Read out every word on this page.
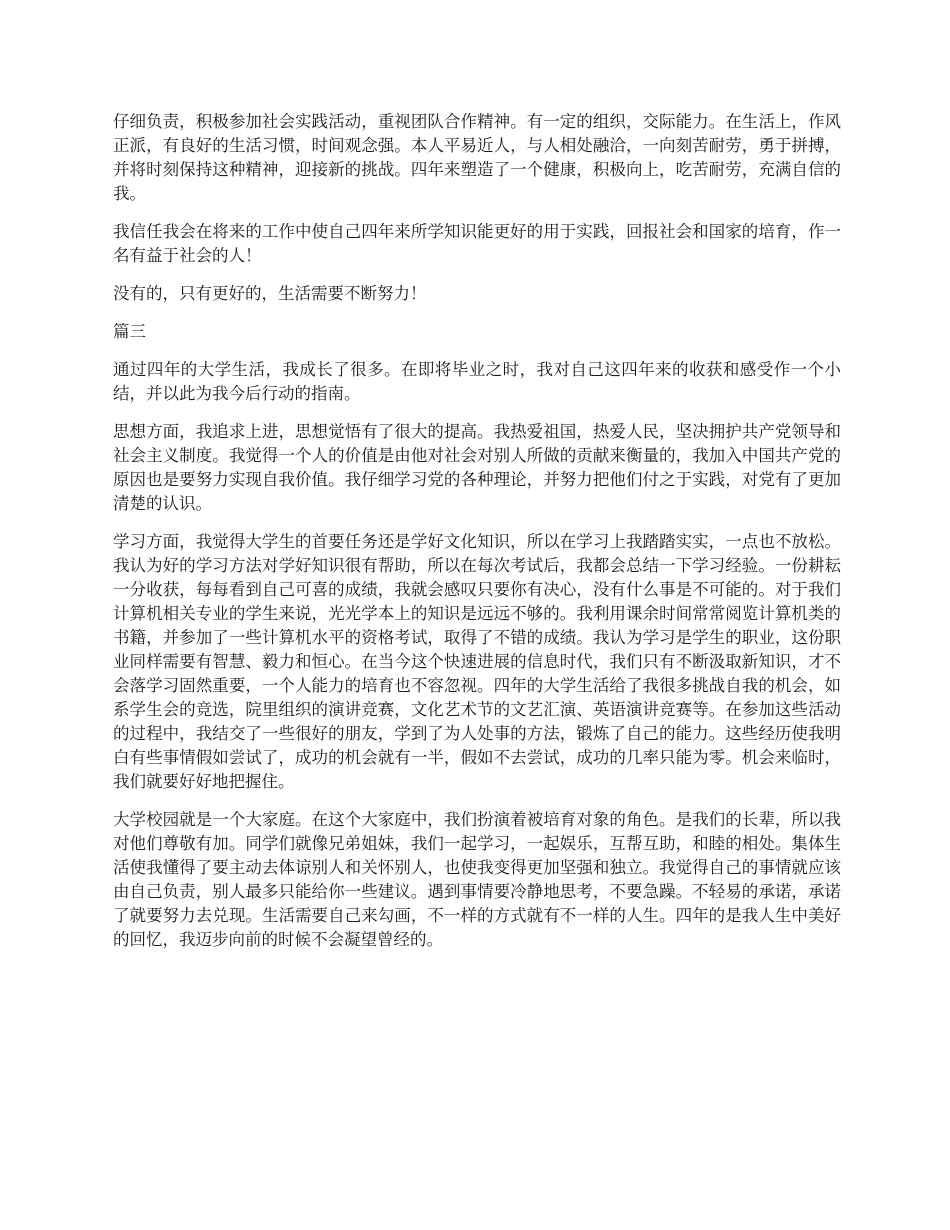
仔细负责，积极参加社会实践活动，重视团队合作精神。有一定的组织，交际能力。在生活上，作风正派，有良好的生活习惯，时间观念强。本人平易近人，与人相处融洽，一向刻苦耐劳，勇于拼搏，并将时刻保持这种精神，迎接新的挑战。四年来塑造了一个健康，积极向上，吃苦耐劳，充满自信的我。

我信任我会在将来的工作中使自己四年来所学知识能更好的用于实践，回报社会和国家的培育，作一名有益于社会的人！

没有的，只有更好的，生活需要不断努力！

篇三

通过四年的大学生活，我成长了很多。在即将毕业之时，我对自己这四年来的收获和感受作一个小结，并以此为我今后行动的指南。

思想方面，我追求上进，思想觉悟有了很大的提高。我热爱祖国，热爱人民，坚决拥护共产党领导和社会主义制度。我觉得一个人的价值是由他对社会对别人所做的贡献来衡量的，我加入中国共产党的原因也是要努力实现自我价值。我仔细学习党的各种理论，并努力把他们付之于实践，对党有了更加清楚的认识。

学习方面，我觉得大学生的首要任务还是学好文化知识，所以在学习上我踏踏实实，一点也不放松。我认为好的学习方法对学好知识很有帮助，所以在每次考试后，我都会总结一下学习经验。一份耕耘一分收获，每每看到自己可喜的成绩，我就会感叹只要你有决心，没有什么事是不可能的。对于我们计算机相关专业的学生来说，光光学本上的知识是远远不够的。我利用课余时间常常阅览计算机类的书籍，并参加了一些计算机水平的资格考试，取得了不错的成绩。我认为学习是学生的职业，这份职业同样需要有智慧、毅力和恒心。在当今这个快速进展的信息时代，我们只有不断汲取新知识，才不会落学习固然重要，一个人能力的培育也不容忽视。四年的大学生活给了我很多挑战自我的机会，如系学生会的竞选，院里组织的演讲竞赛，文化艺术节的文艺汇演、英语演讲竞赛等。在参加这些活动的过程中，我结交了一些很好的朋友，学到了为人处事的方法，锻炼了自己的能力。这些经历使我明白有些事情假如尝试了，成功的机会就有一半，假如不去尝试，成功的几率只能为零。机会来临时，我们就要好好地把握住。

大学校园就是一个大家庭。在这个大家庭中，我们扮演着被培育对象的角色。是我们的长辈，所以我对他们尊敬有加。同学们就像兄弟姐妹，我们一起学习，一起娱乐，互帮互助，和睦的相处。集体生活使我懂得了要主动去体谅别人和关怀别人，也使我变得更加坚强和独立。我觉得自己的事情就应该由自己负责，别人最多只能给你一些建议。遇到事情要冷静地思考，不要急躁。不轻易的承诺，承诺了就要努力去兑现。生活需要自己来勾画，不一样的方式就有不一样的人生。四年的是我人生中美好的回忆，我迈步向前的时候不会凝望曾经的。
